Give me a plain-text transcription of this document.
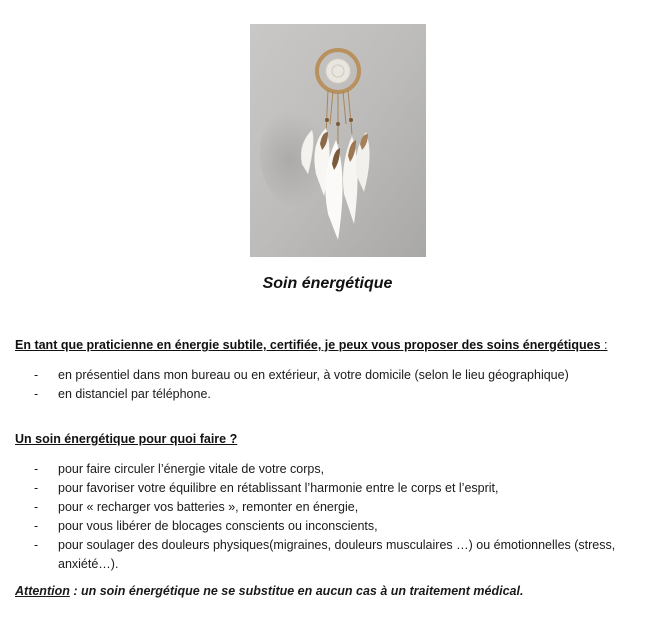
Soin énergétique
En tant que praticienne en énergie subtile, certifiée, je peux vous proposer des soins énergétiques :
- en présentiel dans mon bureau ou en extérieur, à votre domicile (selon le lieu géographique)
- en distanciel par téléphone.
Un soin énergétique pour quoi faire ?
- pour faire circuler l’énergie vitale de votre corps,
- pour favoriser votre équilibre en rétablissant l’harmonie entre le corps et l’esprit,
- pour « recharger vos batteries », remonter en énergie,
- pour vous libérer de blocages conscients ou inconscients,
- pour soulager des douleurs physiques(migraines, douleurs musculaires …) ou émotionnelles (stress, anxiété…).
Attention : un soin énergétique ne se substitue en aucun cas à un traitement médical.
